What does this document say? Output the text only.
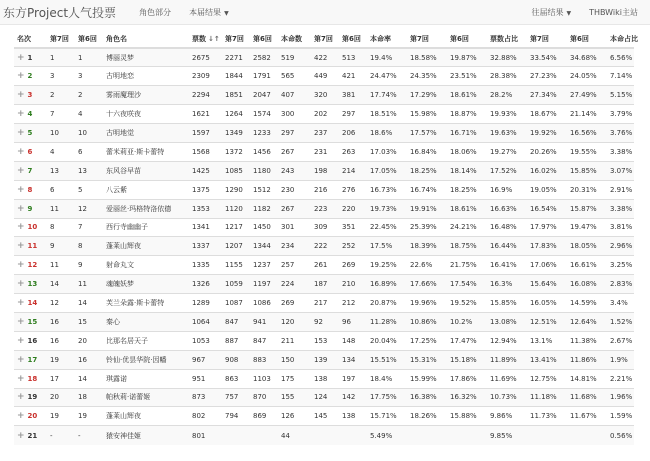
东方Project人气投票	角色部分	本届结果 ▼	往届结果 ▼	THBWiki主站
名次	第7回	第6回	角色名	票数 ↓↑	第7回	第6回	本命数	第7回	第6回	本命率	第7回	第6回	票数占比	第7回	第6回	本命占比
+ 1	1	1	博丽灵梦	2675	2271	2582	519	422	513	19.4%	18.58%	19.87%	32.88%	33.54%	34.68%	6.56%
+ 2	3	3	古明地恋	2309	1844	1791	565	449	421	24.47%	24.35%	23.51%	28.38%	27.23%	24.05%	7.14%
+ 3	2	2	雾雨魔理沙	2294	1851	2047	407	320	381	17.74%	17.29%	18.61%	28.2%	27.34%	27.49%	5.15%
+ 4	7	4	十六夜咲夜	1621	1264	1574	300	202	297	18.51%	15.98%	18.87%	19.93%	18.67%	21.14%	3.79%
+ 5	10	10	古明地觉	1597	1349	1233	297	237	206	18.6%	17.57%	16.71%	19.63%	19.92%	16.56%	3.76%
+ 6	4	6	蕾米莉亚·斯卡蕾特	1568	1372	1456	267	231	263	17.03%	16.84%	18.06%	19.27%	20.26%	19.55%	3.38%
+ 7	13	13	东风谷早苗	1425	1085	1180	243	198	214	17.05%	18.25%	18.14%	17.52%	16.02%	15.85%	3.07%
+ 8	6	5	八云紫	1375	1290	1512	230	216	276	16.73%	16.74%	18.25%	16.9%	19.05%	20.31%	2.91%
+ 9	11	12	爱丽丝·玛格特洛依德	1353	1120	1182	267	223	220	19.73%	19.91%	18.61%	16.63%	16.54%	15.87%	3.38%
+ 10	8	7	西行寺幽幽子	1341	1217	1450	301	309	351	22.45%	25.39%	24.21%	16.48%	17.97%	19.47%	3.81%
+ 11	9	8	蓬莱山辉夜	1337	1207	1344	234	222	252	17.5%	18.39%	18.75%	16.44%	17.83%	18.05%	2.96%
+ 12	11	9	射命丸文	1335	1155	1237	257	261	269	19.25%	22.6%	21.75%	16.41%	17.06%	16.61%	3.25%
+ 13	14	11	魂魄妖梦	1326	1059	1197	224	187	210	16.89%	17.66%	17.54%	16.3%	15.64%	16.08%	2.83%
+ 14	12	14	芙兰朵露·斯卡蕾特	1289	1087	1086	269	217	212	20.87%	19.96%	19.52%	15.85%	16.05%	14.59%	3.4%
+ 15	16	15	秦心	1064	847	941	120	92	96	11.28%	10.86%	10.2%	13.08%	12.51%	12.64%	1.52%
+ 16	16	20	比那名居天子	1053	887	847	211	153	148	20.04%	17.25%	17.47%	12.94%	13.1%	11.38%	2.67%
+ 17	19	16	铃仙·优昙华院·因幡	967	908	883	150	139	134	15.51%	15.31%	15.18%	11.89%	13.41%	11.86%	1.9%
+ 18	17	14	琪露诺	951	863	1103	175	138	197	18.4%	15.99%	17.86%	11.69%	12.75%	14.81%	2.21%
+ 19	20	18	帕秋莉·诺蕾姬	873	757	870	155	124	142	17.75%	16.38%	16.32%	10.73%	11.18%	11.68%	1.96%
+ 20	19	19	蓬莱山辉夜	802	794	869	126	145	138	15.71%	18.26%	15.88%	9.86%	11.73%	11.67%	1.59%
+ 21	-	-	猿安神佳姬	801			44			5.49%			9.85%			0.56%
